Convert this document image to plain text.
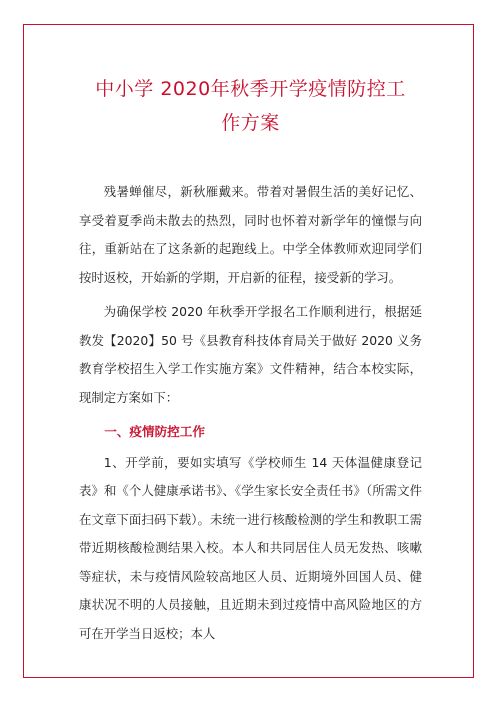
中小学 2020年秋季开学疫情防控工
作方案

残暑蝉催尽，新秋雁戴来。带着对暑假生活的美好记忆、享受着夏季尚未散去的热烈，同时也怀着对新学年的憧憬与向往，重新站在了这条新的起跑线上。中学全体教师欢迎同学们按时返校，开始新的学期，开启新的征程，接受新的学习。

为确保学校 2020 年秋季开学报名工作顺利进行，根据延教发【2020】50 号《县教育科技体育局关于做好 2020 义务教育学校招生入学工作实施方案》文件精神，结合本校实际，现制定方案如下：

一、疫情防控工作

1、开学前，要如实填写《学校师生 14 天体温健康登记表》和《个人健康承诺书》、《学生家长安全责任书》（所需文件在文章下面扫码下载）。未统一进行核酸检测的学生和教职工需带近期核酸检测结果入校。本人和共同居住人员无发热、咳嗽等症状，未与疫情风险较高地区人员、近期境外回国人员、健康状况不明的人员接触，且近期未到过疫情中高风险地区的方可在开学当日返校；本人
